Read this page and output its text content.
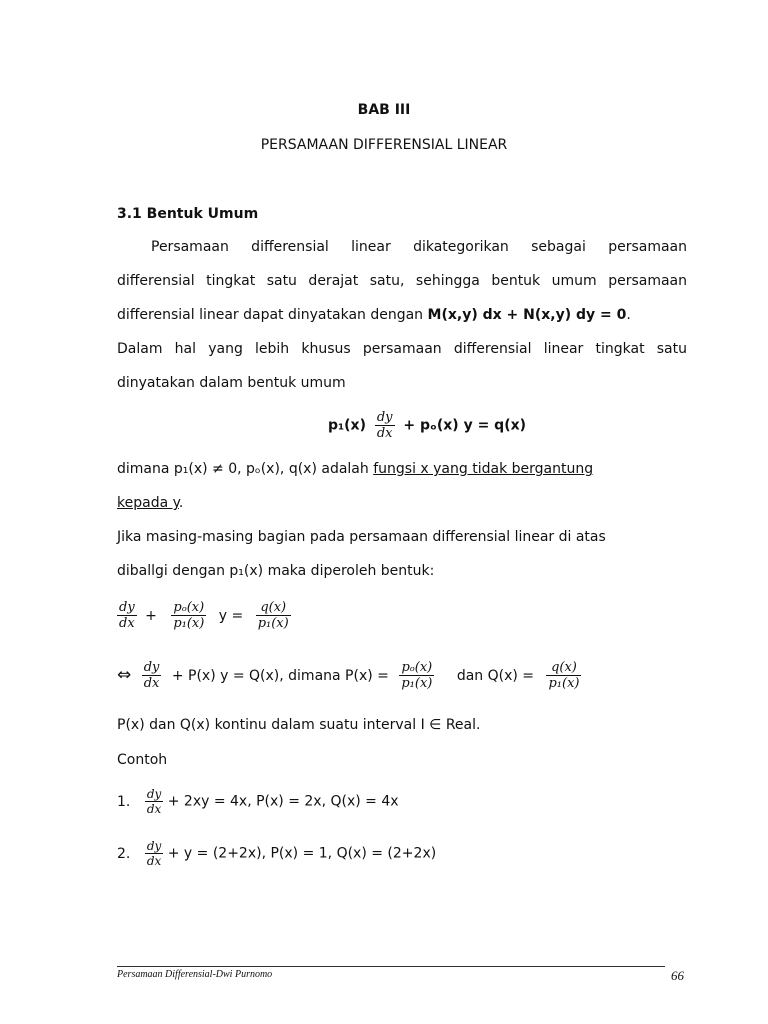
BAB III
PERSAMAAN DIFFERENSIAL LINEAR
3.1 Bentuk Umum
Persamaan differensial linear dikategorikan sebagai persamaan
differensial tingkat satu derajat satu, sehingga bentuk umum persamaan
differensial linear dapat dinyatakan dengan M(x,y) dx + N(x,y) dy = 0.
Dalam hal yang lebih khusus persamaan differensial linear tingkat satu
dinyatakan dalam bentuk umum
$p_1(x) \frac{dy}{dx} + p_o(x) y = q(x)$
dimana p₁(x) ≠ 0, pₒ(x), q(x) adalah fungsi x yang tidak bergantung
kepada y.
Jika masing-masing bagian pada persamaan differensial linear di atas
diballgi dengan p₁(x) maka diperoleh bentuk:
$\frac{dy}{dx} + \frac{\text{pₒ(x)}}{\text{p₁(x)}}$ $y = \frac{q(x)}{\text{p₁(x)}}$
⇔ $\frac{dy}{dx} + P(x) y = Q(x)$, dimana $P(x) = \frac{\text{pₒ(x)}}{\text{p₁(x)}}$ dan $Q(x) = \frac{q(x)}{\text{p₁(x)}}$
P(x) dan Q(x) kontinu dalam suatu interval I ∈ Real.
Contoh
1. $\frac{dy}{dx} + 2xy = 4x$, P(x) = 2x, Q(x) = 4x
2. $\frac{dy}{dx} + y = (2+2x)$, P(x) = 1, Q(x) = (2+2x)
Persamaan Differensial-Dwi Purnomo	66
